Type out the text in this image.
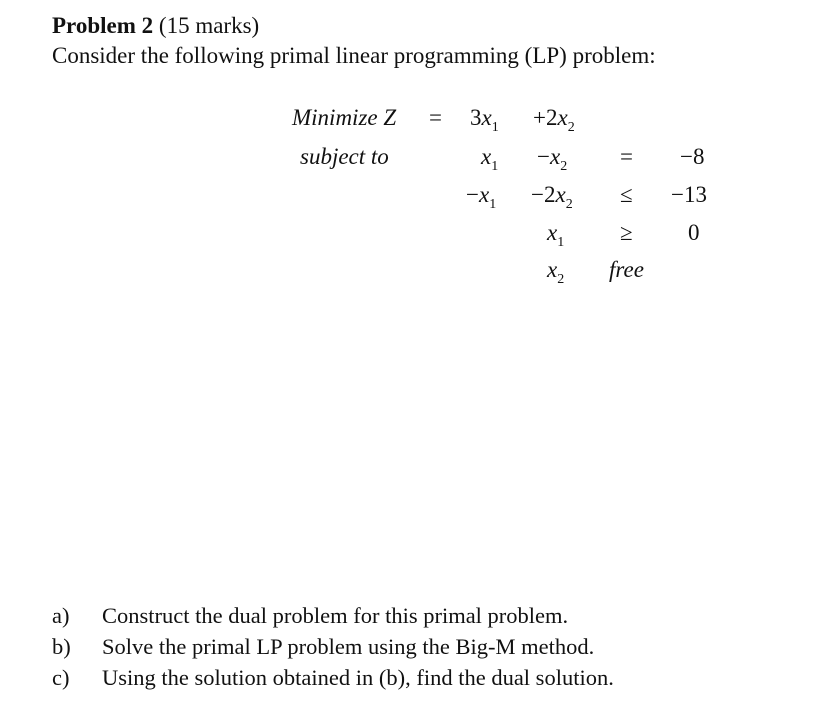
Problem 2 (15 marks)
Consider the following primal linear programming (LP) problem:
Minimize $Z = 3x_1 +2x_2$
subject to	$x_1 -x_2 = -8$
$-x_1 -2x_2 \le -13$
$x_1 \ge 0$
$x_2$ free
a) Construct the dual problem for this primal problem.
b) Solve the primal LP problem using the Big-M method.
c) Using the solution obtained in (b), find the dual solution.
